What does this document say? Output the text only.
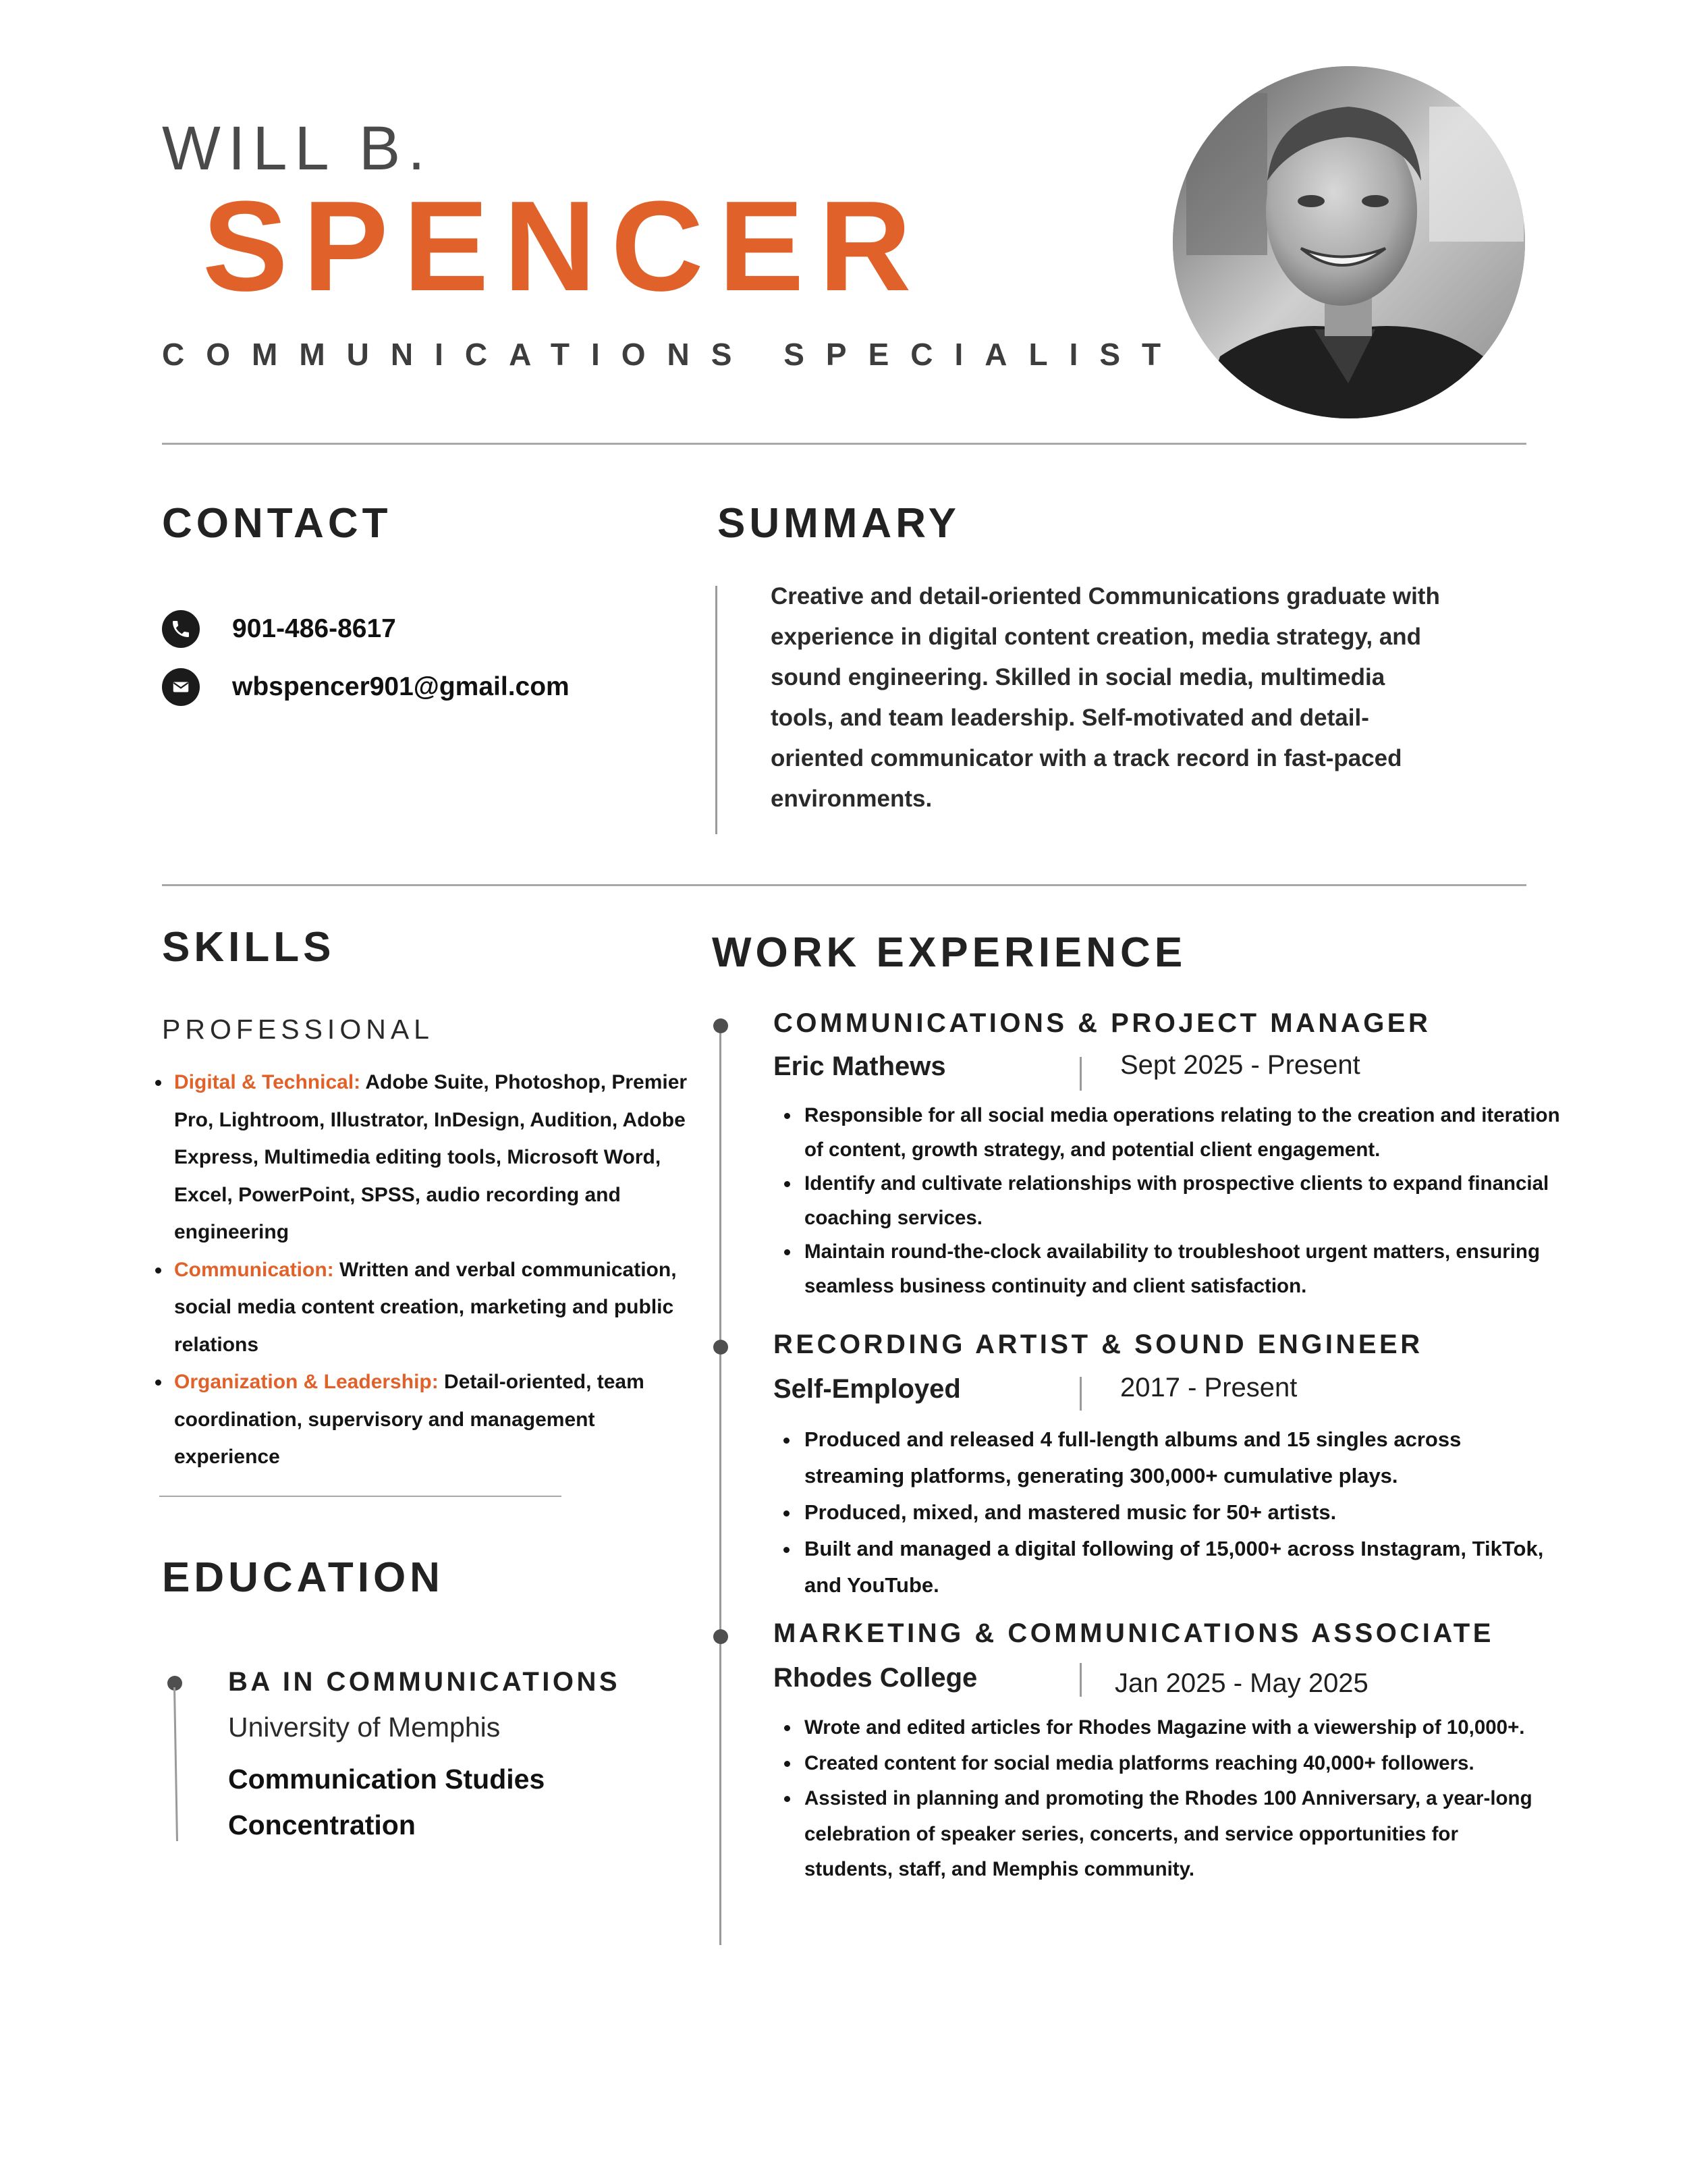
WILL B.
SPENCER
COMMUNICATIONS SPECIALIST
CONTACT
901-486-8617
wbspencer901@gmail.com
SUMMARY
Creative and detail-oriented Communications graduate with experience in digital content creation, media strategy, and sound engineering. Skilled in social media, multimedia tools, and team leadership. Self-motivated and detail-oriented communicator with a track record in fast-paced environments.
SKILLS
PROFESSIONAL
• Digital & Technical: Adobe Suite, Photoshop, Premier Pro, Lightroom, Illustrator, InDesign, Audition, Adobe Express, Multimedia editing tools, Microsoft Word, Excel, PowerPoint, SPSS, audio recording and engineering
• Communication: Written and verbal communication, social media content creation, marketing and public relations
• Organization & Leadership: Detail-oriented, team coordination, supervisory and management experience
EDUCATION
BA IN COMMUNICATIONS
University of Memphis
Communication Studies
Concentration
WORK EXPERIENCE
COMMUNICATIONS & PROJECT MANAGER
Eric Mathews	Sept 2025 - Present
• Responsible for all social media operations relating to the creation and iteration of content, growth strategy, and potential client engagement.
• Identify and cultivate relationships with prospective clients to expand financial coaching services.
• Maintain round-the-clock availability to troubleshoot urgent matters, ensuring seamless business continuity and client satisfaction.
RECORDING ARTIST & SOUND ENGINEER
Self-Employed	2017 - Present
• Produced and released 4 full-length albums and 15 singles across streaming platforms, generating 300,000+ cumulative plays.
• Produced, mixed, and mastered music for 50+ artists.
• Built and managed a digital following of 15,000+ across Instagram, TikTok, and YouTube.
MARKETING & COMMUNICATIONS ASSOCIATE
Rhodes College	Jan 2025 - May 2025
• Wrote and edited articles for Rhodes Magazine with a viewership of 10,000+.
• Created content for social media platforms reaching 40,000+ followers.
• Assisted in planning and promoting the Rhodes 100 Anniversary, a year-long celebration of speaker series, concerts, and service opportunities for students, staff, and Memphis community.
